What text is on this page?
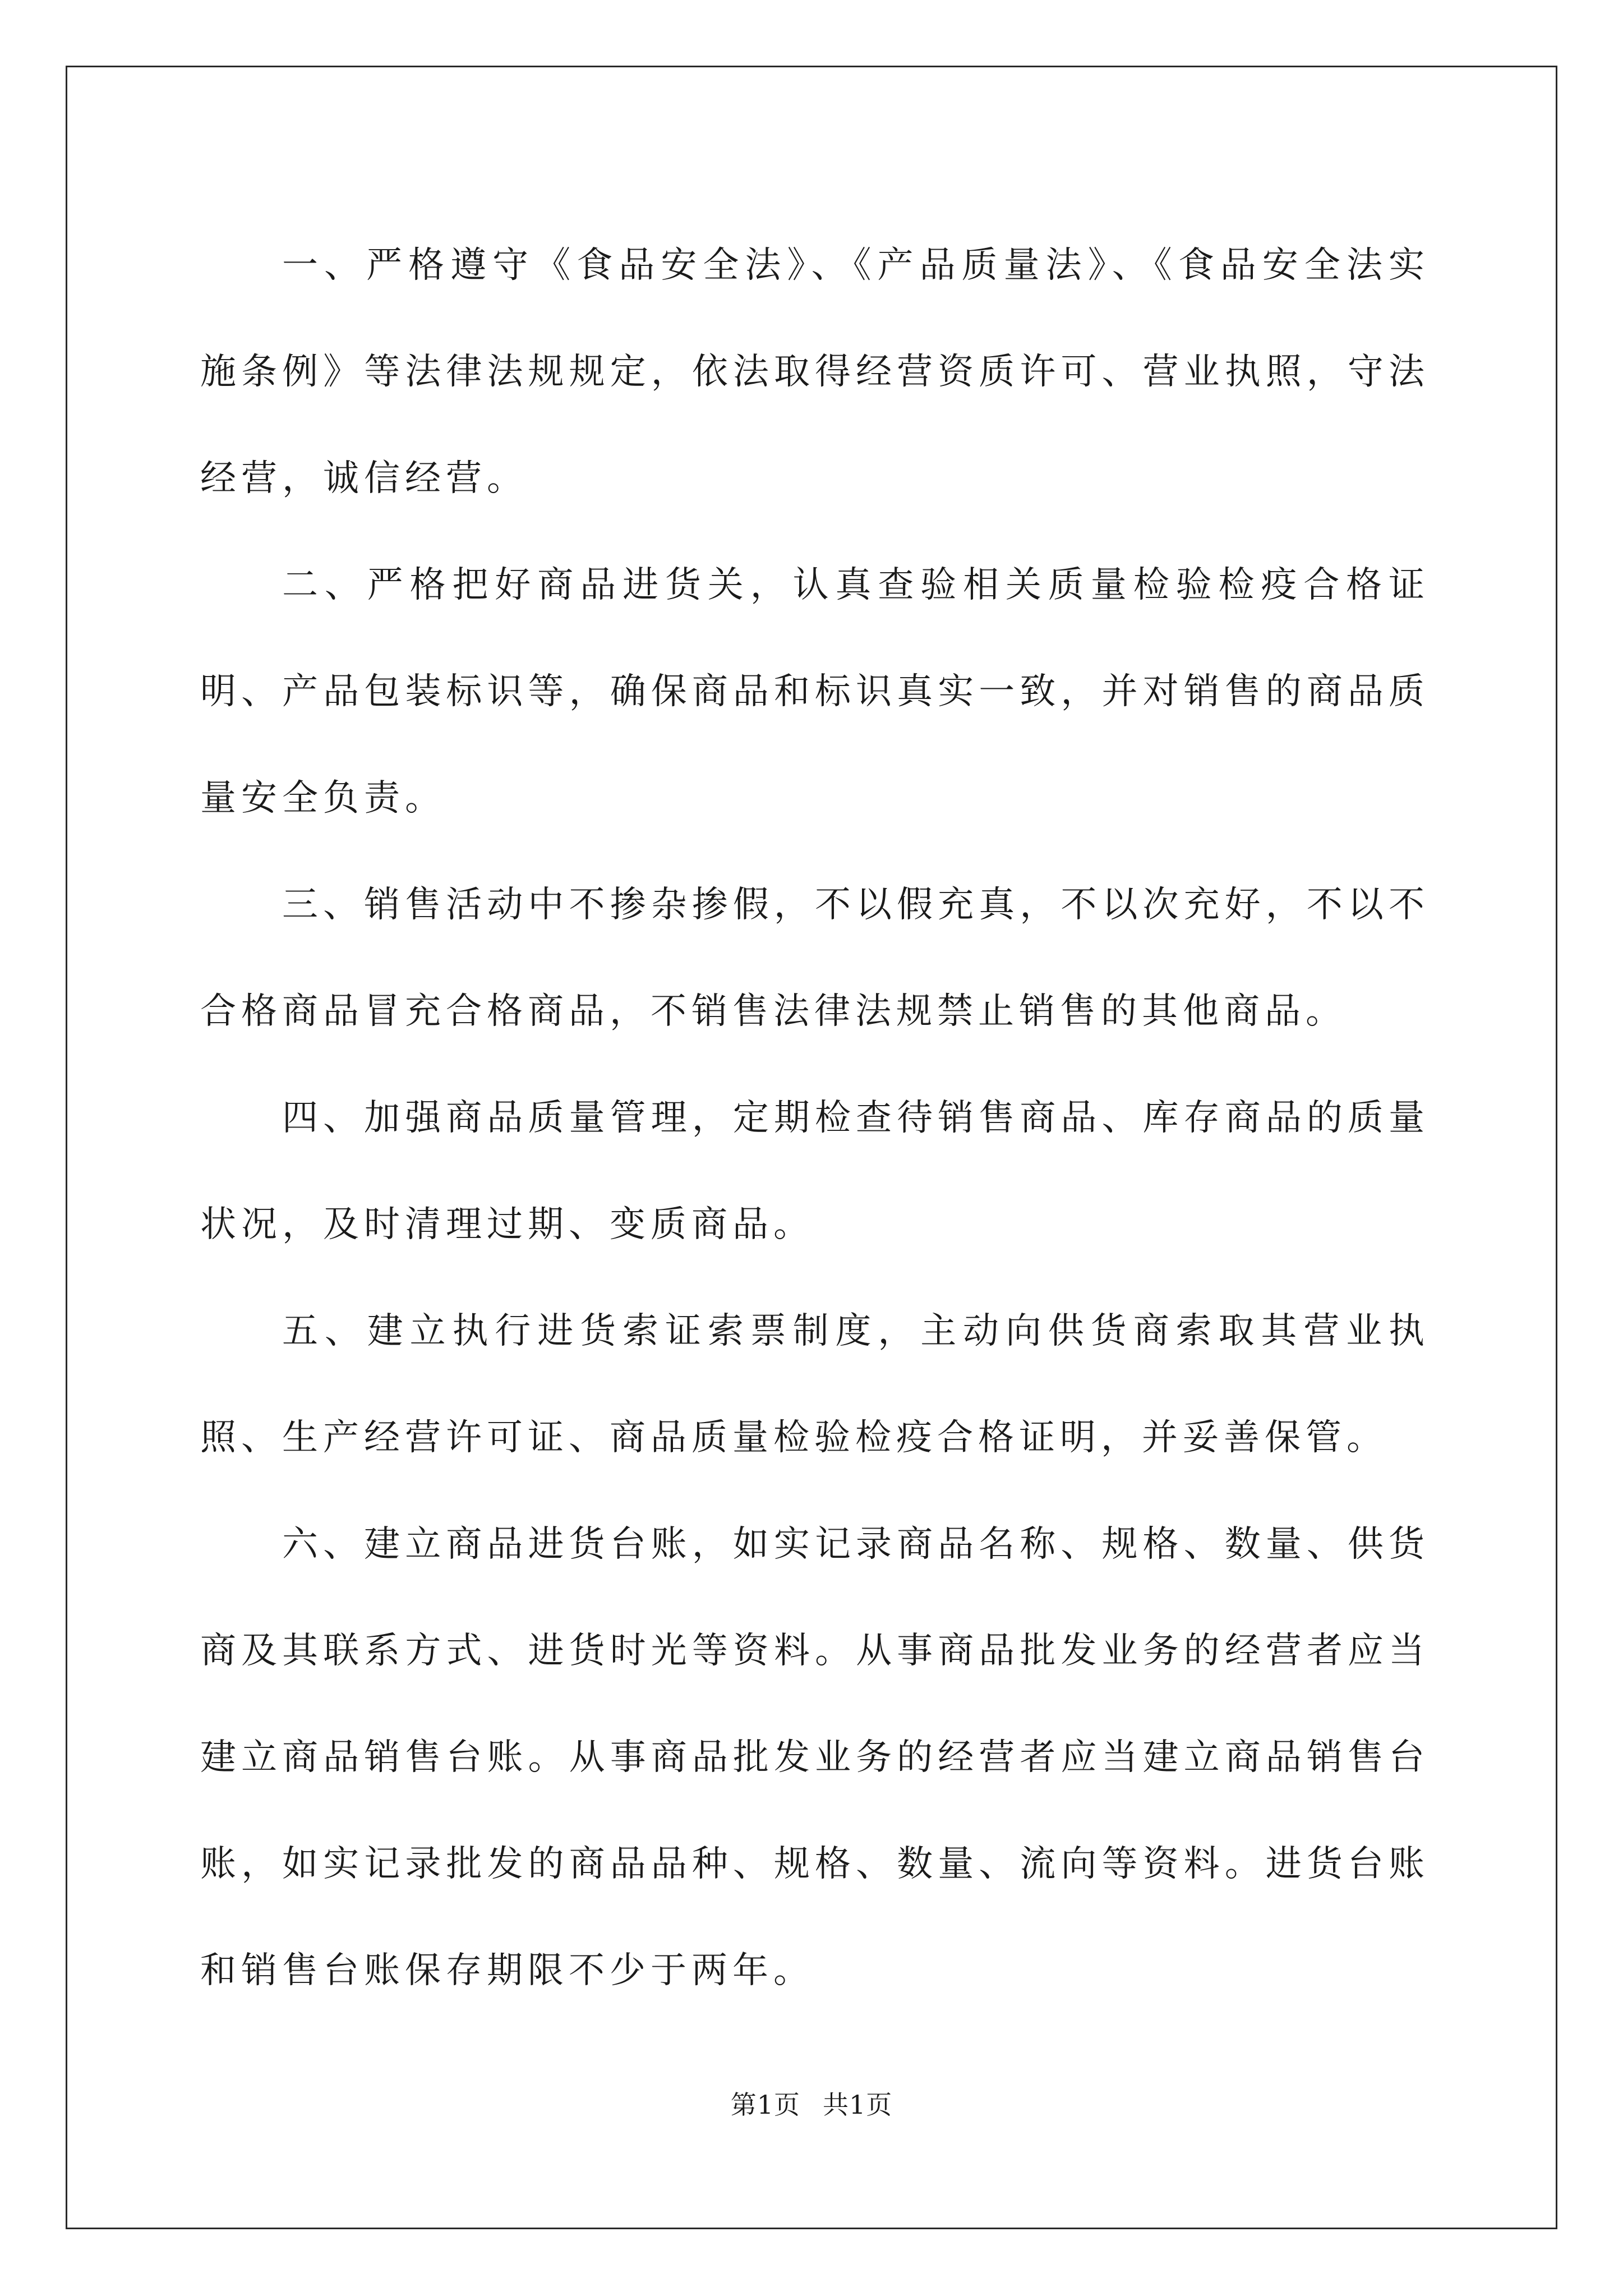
一、严格遵守《食品安全法》、《产品质量法》、《食品安全法实施条例》等法律法规规定，依法取得经营资质许可、营业执照，守法经营，诚信经营。

二、严格把好商品进货关，认真查验相关质量检验检疫合格证明、产品包装标识等，确保商品和标识真实一致，并对销售的商品质量安全负责。

三、销售活动中不掺杂掺假，不以假充真，不以次充好，不以不合格商品冒充合格商品，不销售法律法规禁止销售的其他商品。

四、加强商品质量管理，定期检查待销售商品、库存商品的质量状况，及时清理过期、变质商品。

五、建立执行进货索证索票制度，主动向供货商索取其营业执照、生产经营许可证、商品质量检验检疫合格证明，并妥善保管。

六、建立商品进货台账，如实记录商品名称、规格、数量、供货商及其联系方式、进货时光等资料。从事商品批发业务的经营者应当建立商品销售台账。从事商品批发业务的经营者应当建立商品销售台账，如实记录批发的商品品种、规格、数量、流向等资料。进货台账和销售台账保存期限不少于两年。

第1页 共1页
